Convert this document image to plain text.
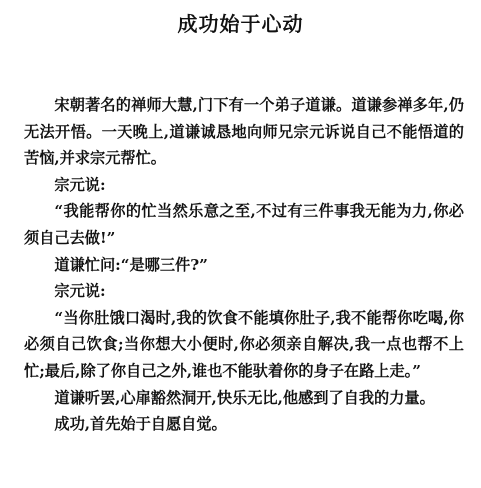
成功始于心动

宋朝著名的禅师大慧,门下有一个弟子道谦。道谦参禅多年,仍无法开悟。一天晚上,道谦诚恳地向师兄宗元诉说自己不能悟道的苦恼,并求宗元帮忙。

宗元说:

“我能帮你的忙当然乐意之至,不过有三件事我无能为力,你必须自己去做!”

道谦忙问:“是哪三件?”

宗元说:

“当你肚饿口渴时,我的饮食不能填你肚子,我不能帮你吃喝,你必须自己饮食;当你想大小便时,你必须亲自解决,我一点也帮不上忙;最后,除了你自己之外,谁也不能驮着你的身子在路上走。”

道谦听罢,心扉豁然洞开,快乐无比,他感到了自我的力量。

成功,首先始于自愿自觉。
